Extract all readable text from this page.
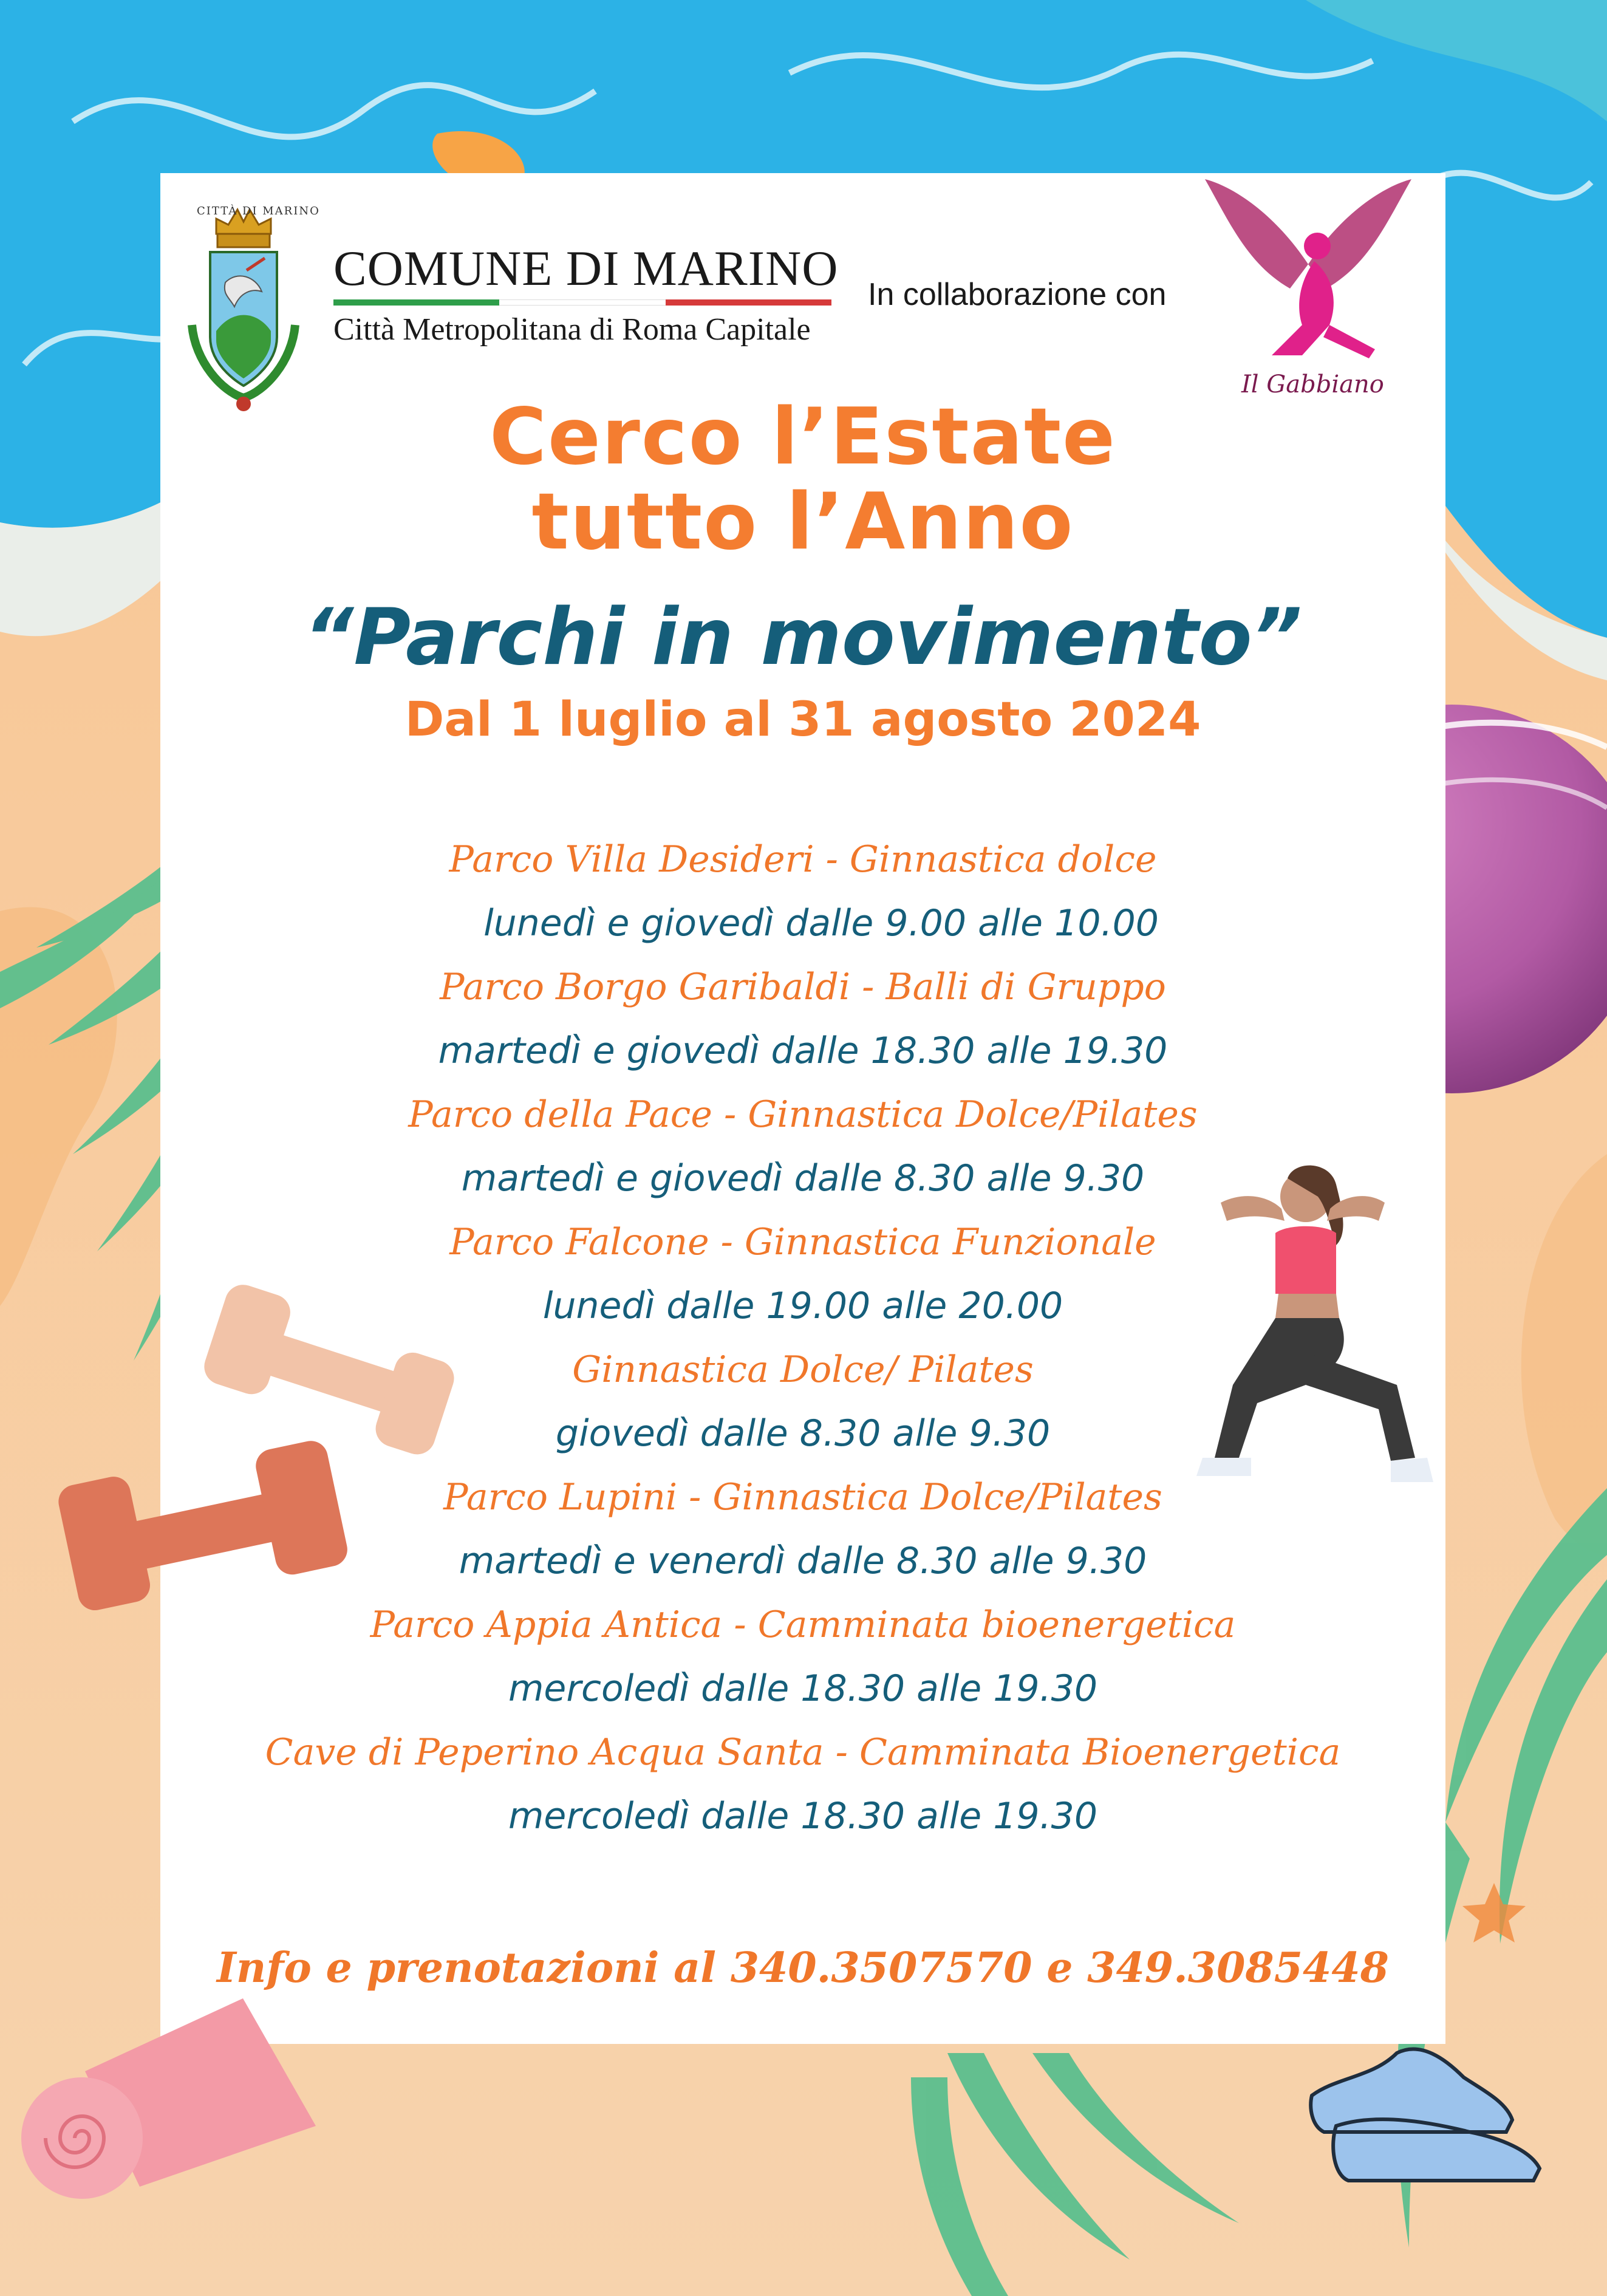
CITTÀ DI MARINO
COMUNE DI MARINO
Città Metropolitana di Roma Capitale
In collaborazione con
Il Gabbiano
Cerco l’Estate
tutto l’Anno
“Parchi in movimento”
Dal 1 luglio al 31 agosto 2024
Parco Villa Desideri - Ginnastica dolce
lunedì e giovedì dalle 9.00 alle 10.00
Parco Borgo Garibaldi - Balli di Gruppo
martedì e giovedì dalle 18.30 alle 19.30
Parco della Pace - Ginnastica Dolce/Pilates
martedì e giovedì dalle 8.30 alle 9.30
Parco Falcone - Ginnastica Funzionale
lunedì dalle 19.00 alle 20.00
Ginnastica Dolce/ Pilates
giovedì dalle 8.30 alle 9.30
Parco Lupini - Ginnastica Dolce/Pilates
martedì e venerdì dalle 8.30 alle 9.30
Parco Appia Antica - Camminata bioenergetica
mercoledì dalle 18.30 alle 19.30
Cave di Peperino Acqua Santa - Camminata Bioenergetica
mercoledì dalle 18.30 alle 19.30
Info e prenotazioni al 340.3507570 e 349.3085448
